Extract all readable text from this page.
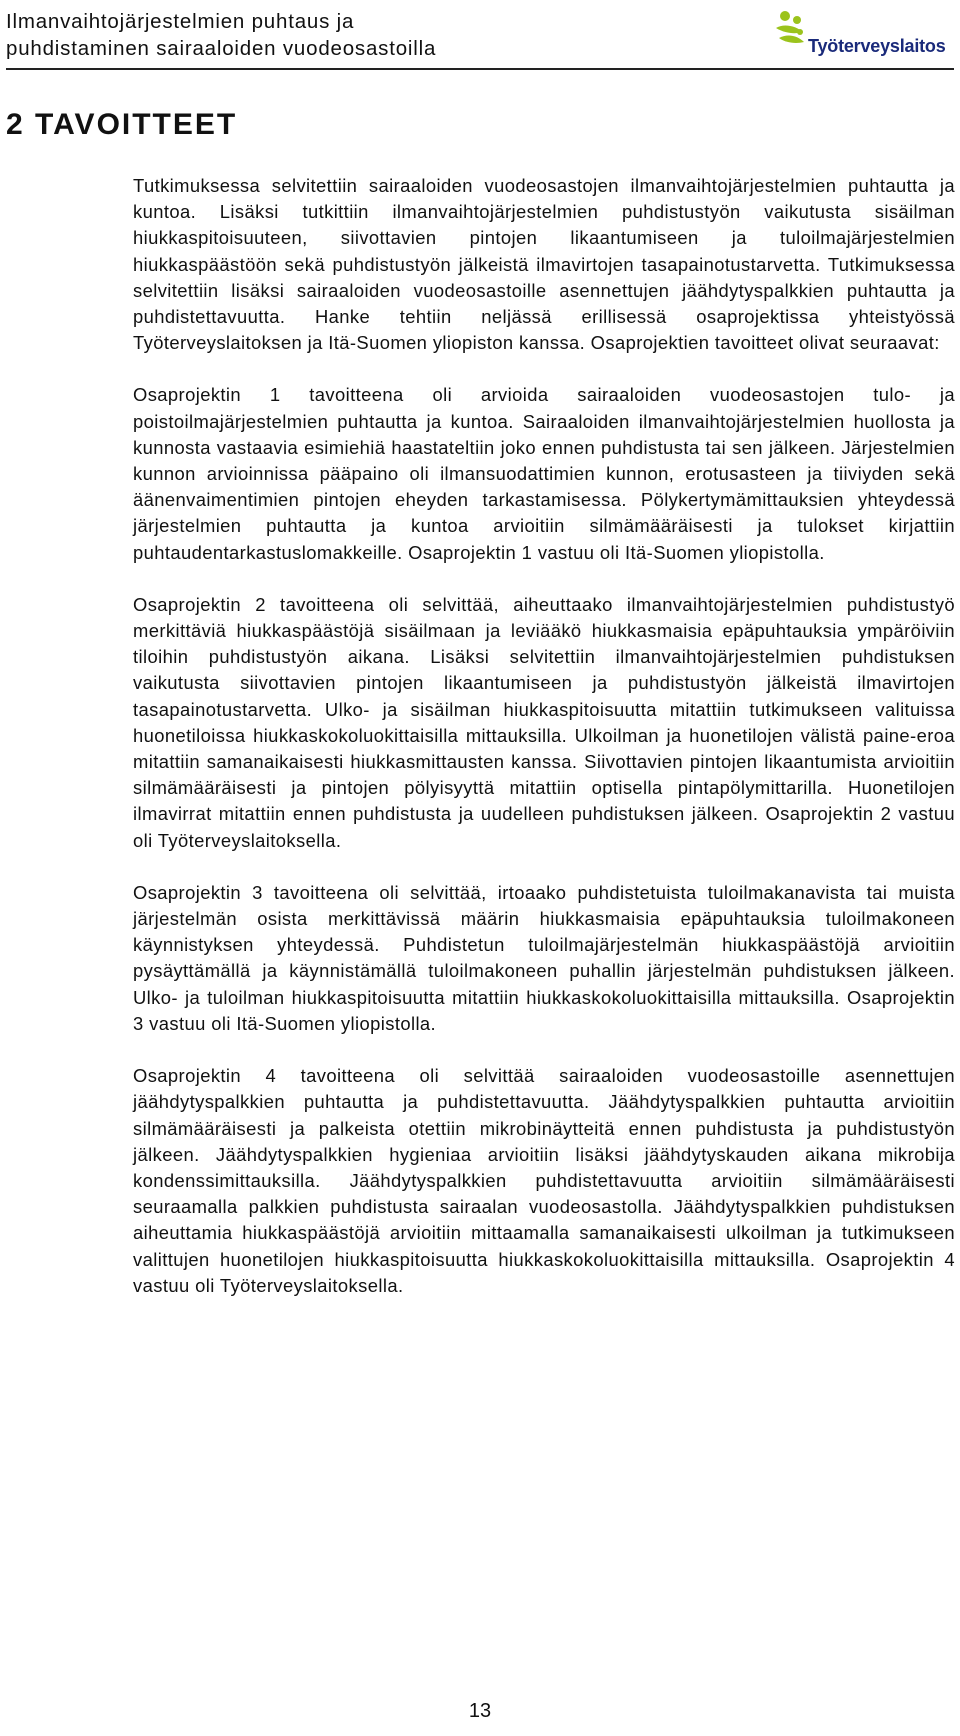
Ilmanvaihtojärjestelmien puhtaus ja
puhdistaminen sairaaloiden vuodeosastoilla	Työterveyslaitos
2 TAVOITTEET

Tutkimuksessa selvitettiin sairaaloiden vuodeosastojen ilmanvaihtojärjestelmien puhtautta ja kuntoa. Lisäksi tutkittiin ilmanvaihtojärjestelmien puhdistustyön vaikutusta sisäilman hiukkaspitoisuuteen, siivottavien pintojen likaantumiseen ja tuloilmajärjestelmien hiukkaspäästöön sekä puhdistustyön jälkeistä ilmavirtojen tasapainotustarvetta. Tutkimuksessa selvitettiin lisäksi sairaaloiden vuodeosastoille asennettujen jäähdytyspalkkien puhtautta ja puhdistettavuutta. Hanke tehtiin neljässä erillisessä osaprojektissa yhteistyössä Työterveyslaitoksen ja Itä-Suomen yliopiston kanssa. Osaprojektien tavoitteet olivat seuraavat:

Osaprojektin 1 tavoitteena oli arvioida sairaaloiden vuodeosastojen tulo- ja poistoilmajärjestelmien puhtautta ja kuntoa. Sairaaloiden ilmanvaihtojärjestelmien huollosta ja kunnosta vastaavia esimiehiä haastateltiin joko ennen puhdistusta tai sen jälkeen. Järjestelmien kunnon arvioinnissa pääpaino oli ilmansuodattimien kunnon, erotusasteen ja tiiviyden sekä äänenvaimentimien pintojen eheyden tarkastamisessa. Pölykertymämittauksien yhteydessä järjestelmien puhtautta ja kuntoa arvioitiin silmämääräisesti ja tulokset kirjattiin puhtaudentarkastuslomakkeille. Osaprojektin 1 vastuu oli Itä-Suomen yliopistolla.

Osaprojektin 2 tavoitteena oli selvittää, aiheuttaako ilmanvaihtojärjestelmien puhdistustyö merkittäviä hiukkaspäästöjä sisäilmaan ja leviääkö hiukkasmaisia epäpuhtauksia ympäröiviin tiloihin puhdistustyön aikana. Lisäksi selvitettiin ilmanvaihtojärjestelmien puhdistuksen vaikutusta siivottavien pintojen likaantumiseen ja puhdistustyön jälkeistä ilmavirtojen tasapainotustarvetta. Ulko- ja sisäilman hiukkaspitoisuutta mitattiin tutkimukseen valituissa huonetiloissa hiukkaskokoluokittaisilla mittauksilla. Ulkoilman ja huonetilojen välistä paine-eroa mitattiin samanaikaisesti hiukkasmittausten kanssa. Siivottavien pintojen likaantumista arvioitiin silmämääräisesti ja pintojen pölyisyyttä mitattiin optisella pintapölymittarilla. Huonetilojen ilmavirrat mitattiin ennen puhdistusta ja uudelleen puhdistuksen jälkeen. Osaprojektin 2 vastuu oli Työterveyslaitoksella.

Osaprojektin 3 tavoitteena oli selvittää, irtoaako puhdistetuista tuloilmakanavista tai muista järjestelmän osista merkittävissä määrin hiukkasmaisia epäpuhtauksia tuloilmakoneen käynnistyksen yhteydessä. Puhdistetun tuloilmajärjestelmän hiukkaspäästöjä arvioitiin pysäyttämällä ja käynnistämällä tuloilmakoneen puhallin järjestelmän puhdistuksen jälkeen. Ulko- ja tuloilman hiukkaspitoisuutta mitattiin hiukkaskokoluokittaisilla mittauksilla. Osaprojektin 3 vastuu oli Itä-Suomen yliopistolla.

Osaprojektin 4 tavoitteena oli selvittää sairaaloiden vuodeosastoille asennettujen jäähdytyspalkkien puhtautta ja puhdistettavuutta. Jäähdytyspalkkien puhtautta arvioitiin silmämääräisesti ja palkeista otettiin mikrobinäytteitä ennen puhdistusta ja puhdistustyön jälkeen. Jäähdytyspalkkien hygieniaa arvioitiin lisäksi jäähdytyskauden aikana mikrobija kondenssimittauksilla. Jäähdytyspalkkien puhdistettavuutta arvioitiin silmämääräisesti seuraamalla palkkien puhdistusta sairaalan vuodeosastolla. Jäähdytyspalkkien puhdistuksen aiheuttamia hiukkaspäästöjä arvioitiin mittaamalla samanaikaisesti ulkoilman ja tutkimukseen valittujen huonetilojen hiukkaspitoisuutta hiukkaskokoluokittaisilla mittauksilla. Osaprojektin 4 vastuu oli Työterveyslaitoksella.

13
